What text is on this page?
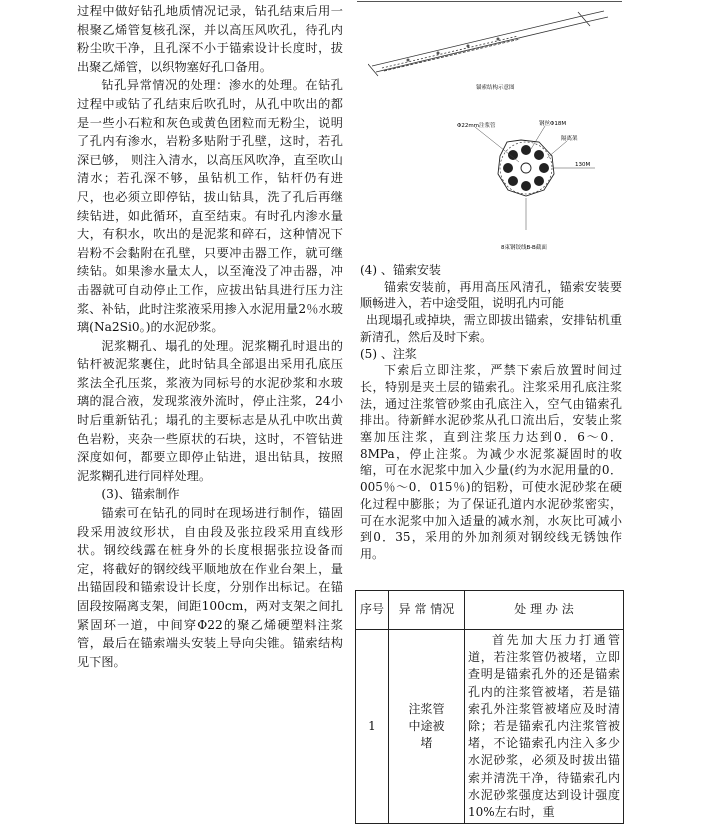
过程中做好钻孔地质情况记录，钻孔结束后用一根聚乙烯管复核孔深，并以高压风吹孔，待孔内粉尘吹干净，且孔深不小于锚索设计长度时，拔出聚乙烯管，以织物塞好孔口备用。

钻孔异常情况的处理：渗水的处理。在钻孔过程中或钻了孔结束后吹孔时，从孔中吹出的都是一些小石粒和灰色或黄色团粒而无粉尘，说明了孔内有渗水，岩粉多贴附于孔壁，这时，若孔深已够， 则注入清水，以高压风吹净，直至吹山清水；若孔深不够，虽钻机工作，钻杆仍有进尺，也必须立即停钻，拔山钻具，洗了孔后再继续钻进，如此循环，直至结束。有时孔内渗水量大，有积水，吹出的是泥浆和碎石，这种情况下岩粉不会黏附在孔壁，只要冲击器工作，就可继续钻。如果渗水量太人，以至淹没了冲击器，冲击器就可自动停止工作，应拔出钻具进行压力注浆、补钻，此时注浆液采用掺入水泥用量2％水玻璃(Na2Si0。)的水泥砂浆。

泥浆糊孔、塌孔的处理。泥浆糊孔时退出的钻杆被泥浆裹住，此时钻具全部退出采用孔底压浆法全孔压浆，浆液为同标号的水泥砂浆和水玻璃的混合液，发现浆液外流时，停止注浆，24小时后重新钻孔；塌孔的主要标志是从孔中吹出黄色岩粉，夹杂一些原状的石块，这时，不管钻进深度如何，都要立即停止钻进，退出钻具，按照泥浆糊孔进行同样处理。

(3)、锚索制作

锚索可在钻孔的同时在现场进行制作，锚固段采用波纹形状，自由段及张拉段采用直线形状。钢绞线露在桩身外的长度根据张拉设备而定，将截好的钢绞线平顺地放在作业台架上，量出锚固段和锚索设计长度，分别作出标记。在锚固段按隔离支架，间距100cm，两对支架之间扎紧固环一道，中间穿Φ22的聚乙烯硬塑料注浆管，最后在锚索端头安装上导向尖锥。锚索结构见下图。

锚索结构示意图
Φ22mm注浆管	钢丝Φ18M
隔离架
130M
8束钢铰线B-B截面

(4) 、锚索安装

锚索安装前，再用高压风清孔，锚索安装要顺畅进入，若中途受阻，说明孔内可能

出现塌孔或掉块，需立即拔出锚索，安排钻机重新清孔，然后及时下索。

(5) 、注浆

下索后立即注浆，严禁下索后放置时间过长，特别是夹土层的锚索孔。注浆采用孔底注浆法，通过注浆管砂浆由孔底注入，空气由锚索孔排出。待新鲜水泥砂浆从孔口流出后，安装止浆塞加压注浆，直到注浆压力达到0．6～0．8MPa，停止注浆。为减少水泥浆凝固时的收缩，可在水泥浆中加入少量(约为水泥用量的0．005％～0．015％)的铝粉，可使水泥砂浆在硬化过程中膨胀；为了保证孔道内水泥砂浆密实，可在水泥浆中加入适量的减水剂，水灰比可减小到0．35，采用的外加剂须对钢绞线无锈蚀作用。

序号	异 常 情况	处 理 办 法
1	注浆管中途被堵	首先加大压力打通管道，若注浆管仍被堵，立即查明是锚索孔外的还是锚索孔内的注浆管被堵，若是锚索孔外注浆管被堵应及时清除；若是锚索孔内注浆管被堵，不论锚索孔内注入多少水泥砂浆，必须及时拔出锚索并清洗干净，待锚索孔内水泥砂浆强度达到设计强度 10%左右时，重
